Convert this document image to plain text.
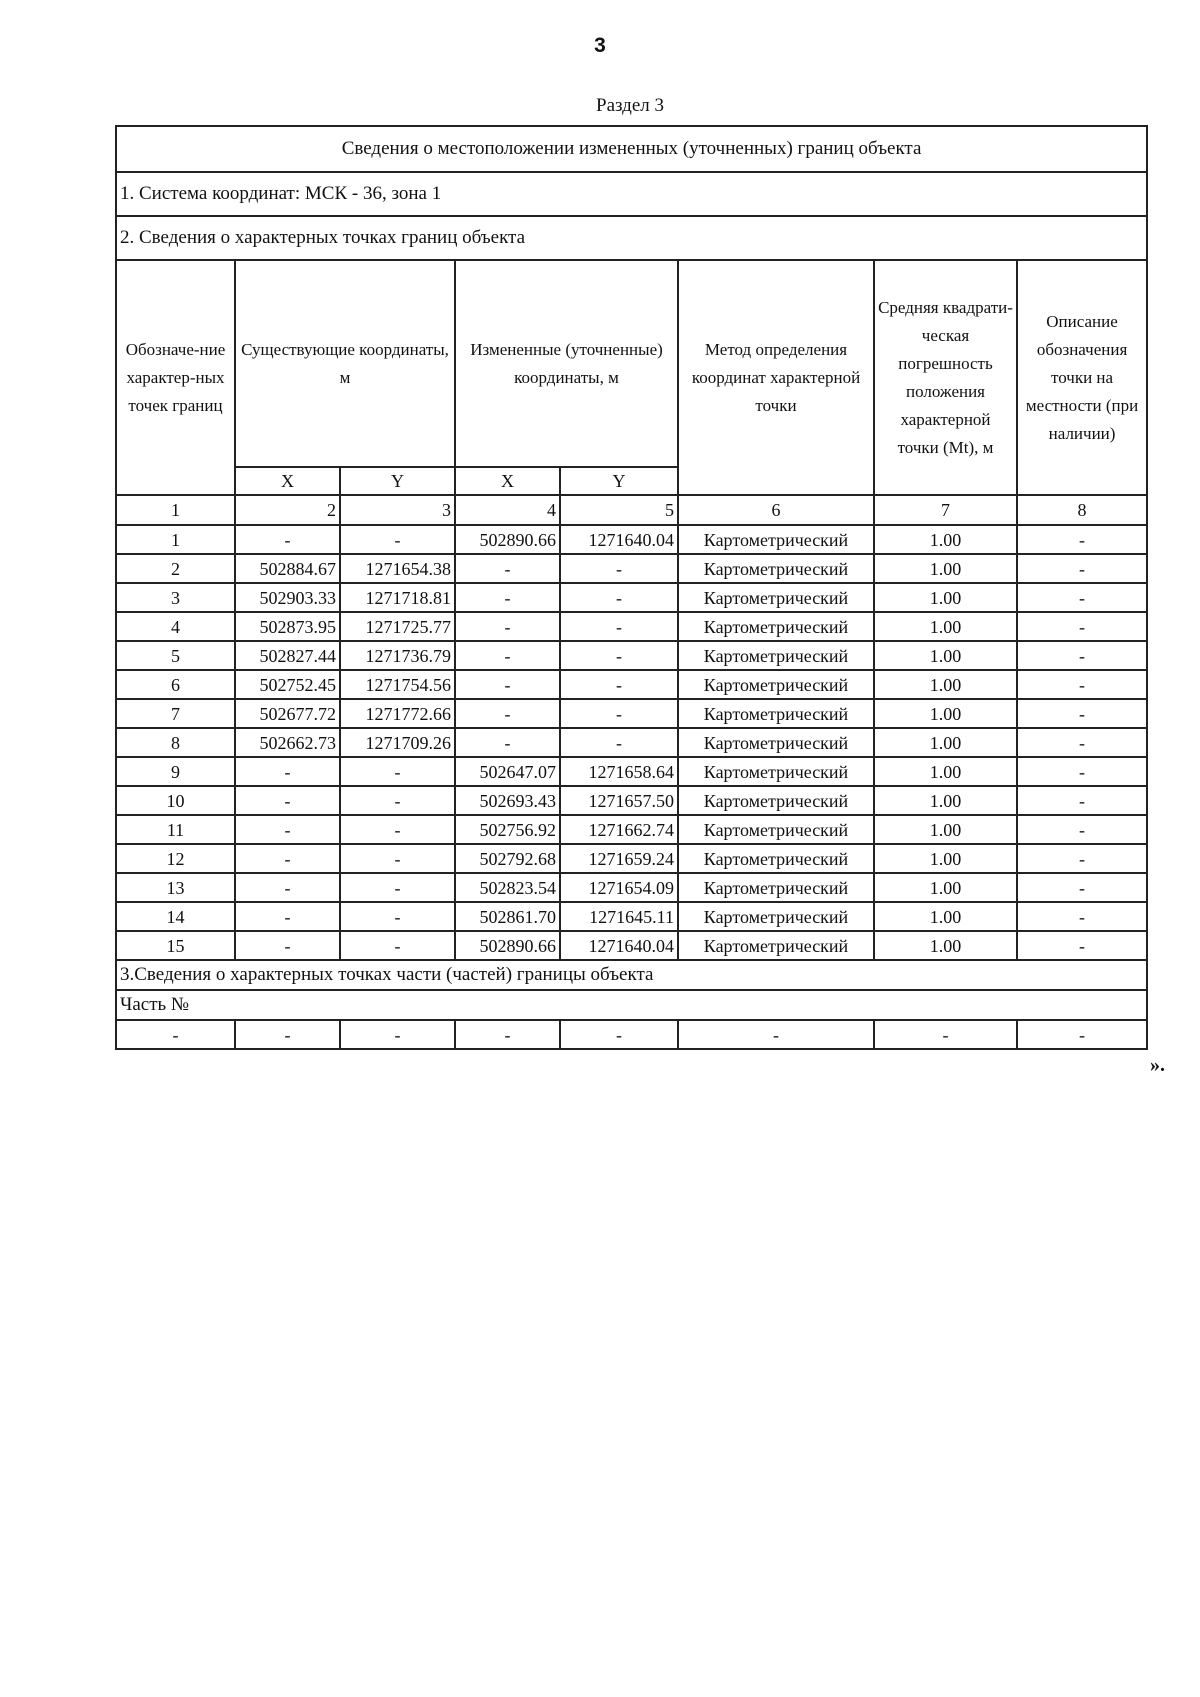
3
Раздел 3
Сведения о местоположении измененных (уточненных) границ объекта							
1. Система координат: МСК - 36, зона 1							
2. Сведения о характерных точках границ объекта							
Обозначе-ние характер-ных точек границ	Существующие координаты, м		Измененные (уточненные) координаты, м		Метод определения координат характерной точки	Средняя квадрати-ческая погрешность положения характерной точки (Mt), м	Описание обозначения точки на местности (при наличии)
	X	Y	X	Y			
1	2	3	4	5	6	7	8
1	-	-	502890.66	1271640.04	Картометрический	1.00	-
2	502884.67	1271654.38	-	-	Картометрический	1.00	-
3	502903.33	1271718.81	-	-	Картометрический	1.00	-
4	502873.95	1271725.77	-	-	Картометрический	1.00	-
5	502827.44	1271736.79	-	-	Картометрический	1.00	-
6	502752.45	1271754.56	-	-	Картометрический	1.00	-
7	502677.72	1271772.66	-	-	Картометрический	1.00	-
8	502662.73	1271709.26	-	-	Картометрический	1.00	-
9	-	-	502647.07	1271658.64	Картометрический	1.00	-
10	-	-	502693.43	1271657.50	Картометрический	1.00	-
11	-	-	502756.92	1271662.74	Картометрический	1.00	-
12	-	-	502792.68	1271659.24	Картометрический	1.00	-
13	-	-	502823.54	1271654.09	Картометрический	1.00	-
14	-	-	502861.70	1271645.11	Картометрический	1.00	-
15	-	-	502890.66	1271640.04	Картометрический	1.00	-
3.Сведения о характерных точках части (частей) границы объекта							
Часть №							
-	-	-	-	-	-	-	-
».
